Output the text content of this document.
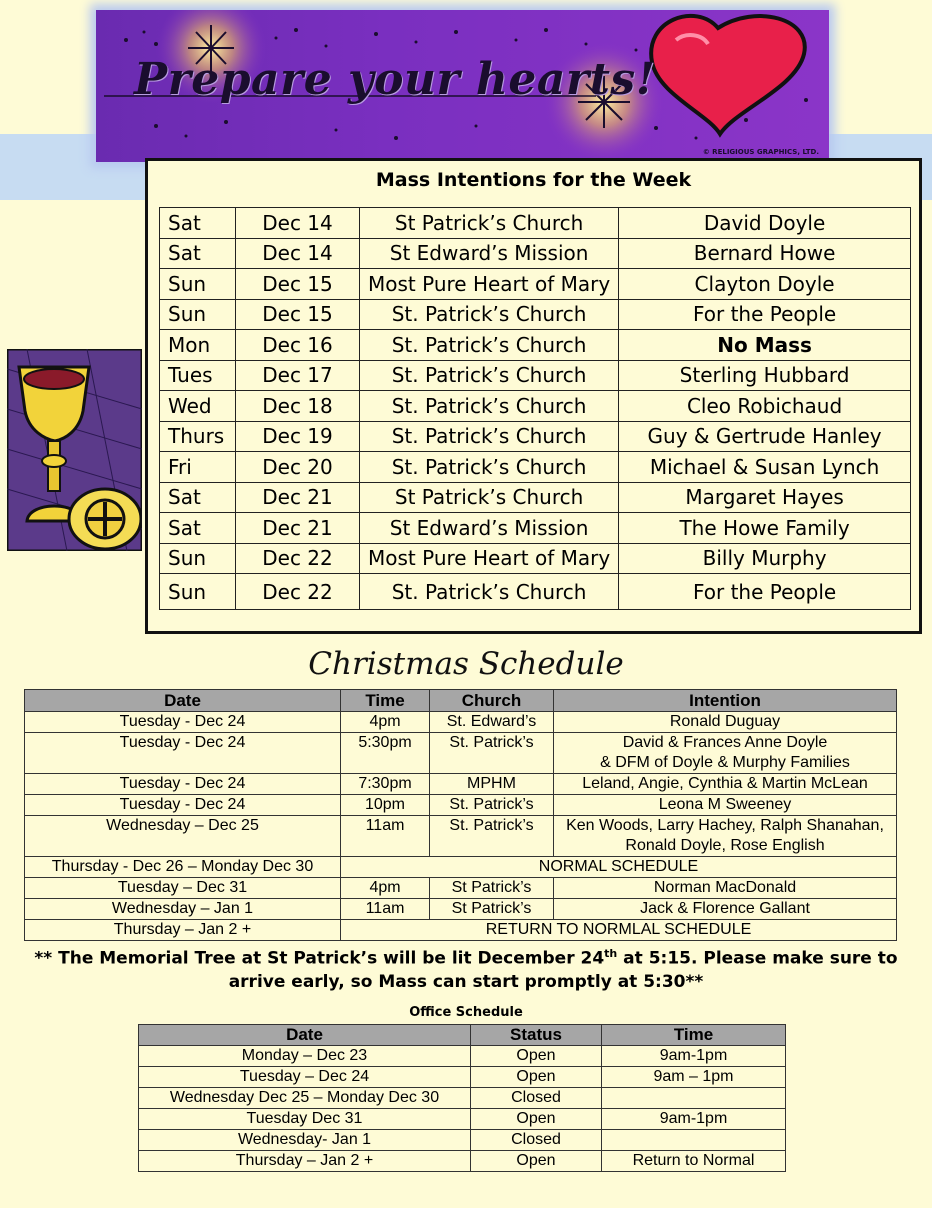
Prepare your hearts!
© RELIGIOUS GRAPHICS, LTD.
Mass Intentions for the Week
Sat	Dec 14	St Patrick’s Church	David Doyle
Sat	Dec 14	St Edward’s Mission	Bernard Howe
Sun	Dec 15	Most Pure Heart of Mary	Clayton Doyle
Sun	Dec 15	St. Patrick’s Church	For the People
Mon	Dec 16	St. Patrick’s Church	No Mass
Tues	Dec 17	St. Patrick’s Church	Sterling Hubbard
Wed	Dec 18	St. Patrick’s Church	Cleo Robichaud
Thurs	Dec 19	St. Patrick’s Church	Guy & Gertrude Hanley
Fri	Dec 20	St. Patrick’s Church	Michael & Susan Lynch
Sat	Dec 21	St Patrick’s Church	Margaret Hayes
Sat	Dec 21	St Edward’s Mission	The Howe Family
Sun	Dec 22	Most Pure Heart of Mary	Billy Murphy
Sun	Dec 22	St. Patrick’s Church	For the People
Christmas Schedule
Date	Time	Church	Intention
Tuesday - Dec 24	4pm	St. Edward’s	Ronald Duguay

Tuesday - Dec 24	5:30pm	St. Patrick’s	David & Frances Anne Doyle
& DFM of Doyle & Murphy Families

Tuesday - Dec 24	7:30pm	MPHM	Leland, Angie, Cynthia & Martin McLean

Tuesday - Dec 24	10pm	St. Patrick’s	Leona M Sweeney

Wednesday – Dec 25	11am	St. Patrick’s	Ken Woods, Larry Hachey, Ralph Shanahan,
Ronald Doyle, Rose English

Thursday - Dec 26 – Monday Dec 30	NORMAL SCHEDULE		
Tuesday – Dec 31	4pm	St Patrick’s	Norman MacDonald

Wednesday – Jan 1	11am	St Patrick’s	Jack & Florence Gallant

Thursday – Jan 2 +	RETURN TO NORMLAL SCHEDULE		
** The Memorial Tree at St Patrick’s will be lit December 24th at 5:15. Please make sure to
arrive early, so Mass can start promptly at 5:30**
Office Schedule
Date	Status	Time
Monday – Dec 23	Open	9am-1pm
Tuesday – Dec 24	Open	9am – 1pm
Wednesday Dec 25 – Monday Dec 30	Closed	
Tuesday Dec 31	Open	9am-1pm
Wednesday- Jan 1	Closed	
Thursday – Jan 2 +	Open	Return to Normal
